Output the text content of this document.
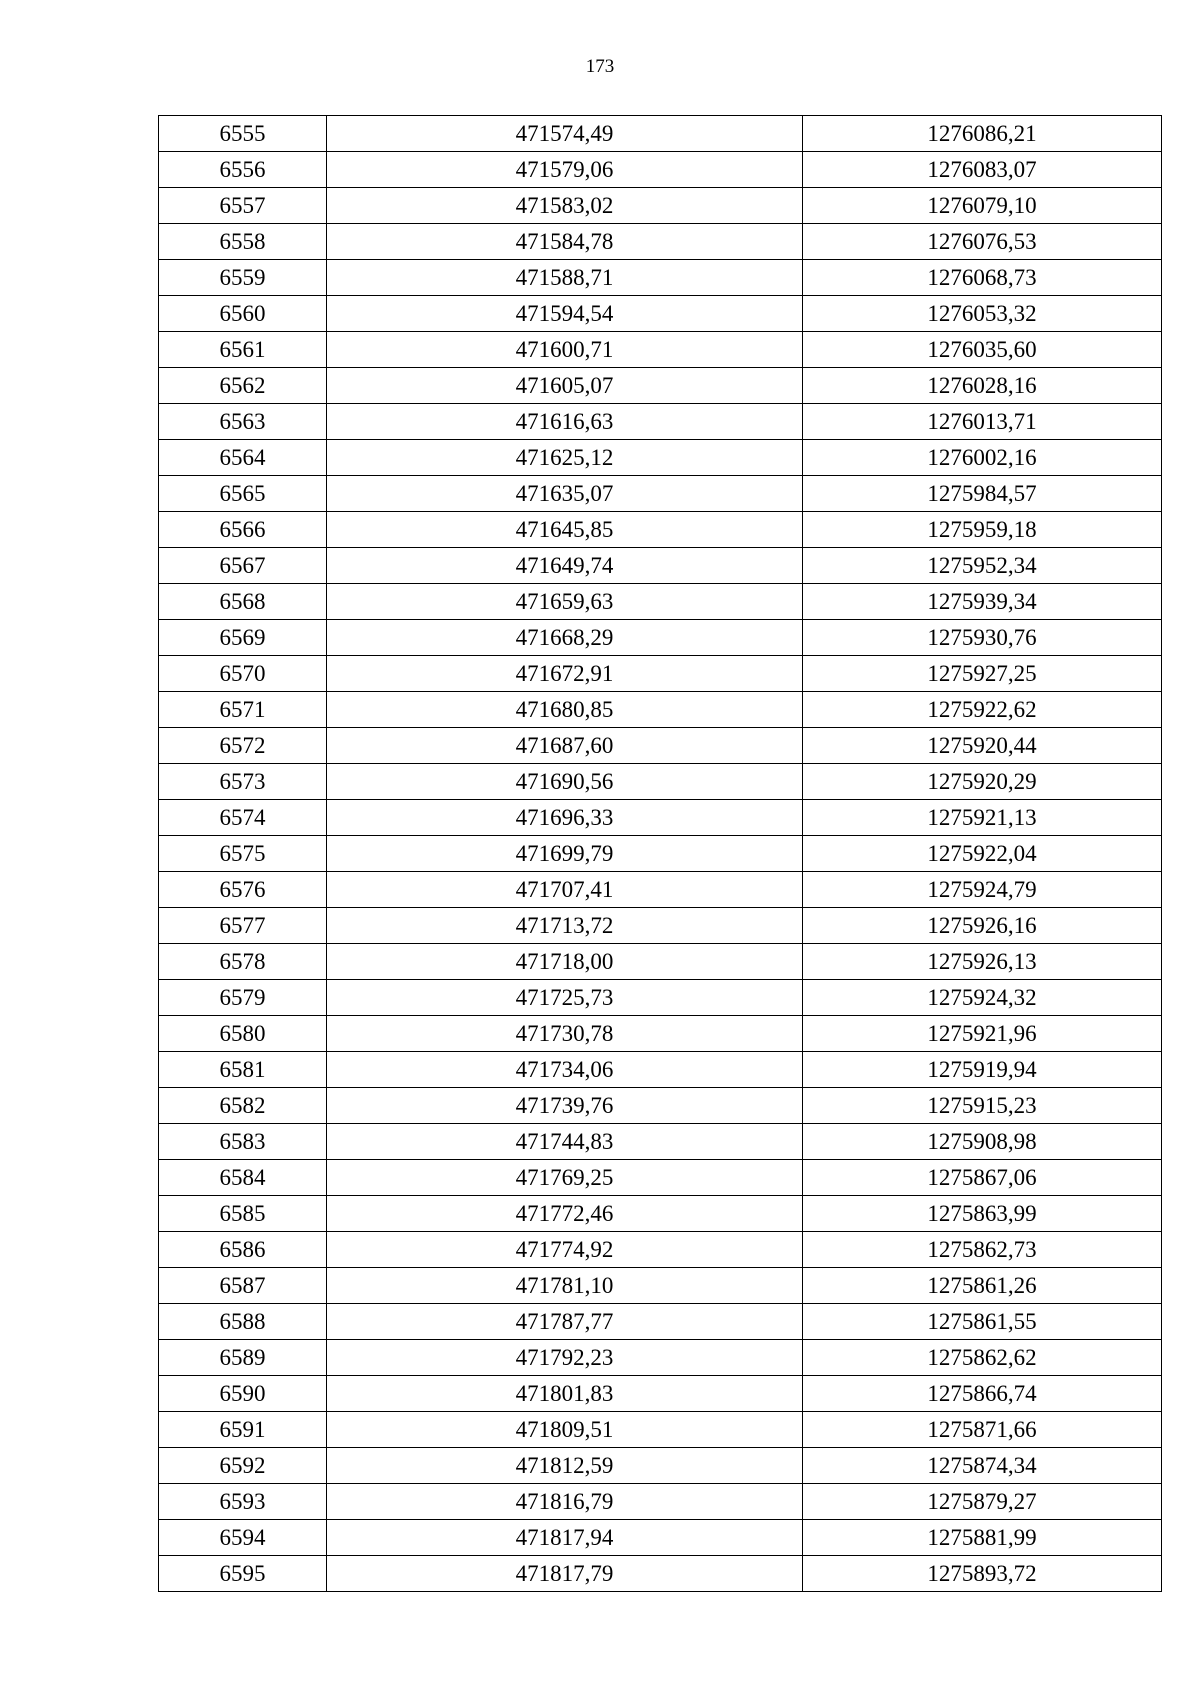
173
6555	471574,49	1276086,21
6556	471579,06	1276083,07
6557	471583,02	1276079,10
6558	471584,78	1276076,53
6559	471588,71	1276068,73
6560	471594,54	1276053,32
6561	471600,71	1276035,60
6562	471605,07	1276028,16
6563	471616,63	1276013,71
6564	471625,12	1276002,16
6565	471635,07	1275984,57
6566	471645,85	1275959,18
6567	471649,74	1275952,34
6568	471659,63	1275939,34
6569	471668,29	1275930,76
6570	471672,91	1275927,25
6571	471680,85	1275922,62
6572	471687,60	1275920,44
6573	471690,56	1275920,29
6574	471696,33	1275921,13
6575	471699,79	1275922,04
6576	471707,41	1275924,79
6577	471713,72	1275926,16
6578	471718,00	1275926,13
6579	471725,73	1275924,32
6580	471730,78	1275921,96
6581	471734,06	1275919,94
6582	471739,76	1275915,23
6583	471744,83	1275908,98
6584	471769,25	1275867,06
6585	471772,46	1275863,99
6586	471774,92	1275862,73
6587	471781,10	1275861,26
6588	471787,77	1275861,55
6589	471792,23	1275862,62
6590	471801,83	1275866,74
6591	471809,51	1275871,66
6592	471812,59	1275874,34
6593	471816,79	1275879,27
6594	471817,94	1275881,99
6595	471817,79	1275893,72
